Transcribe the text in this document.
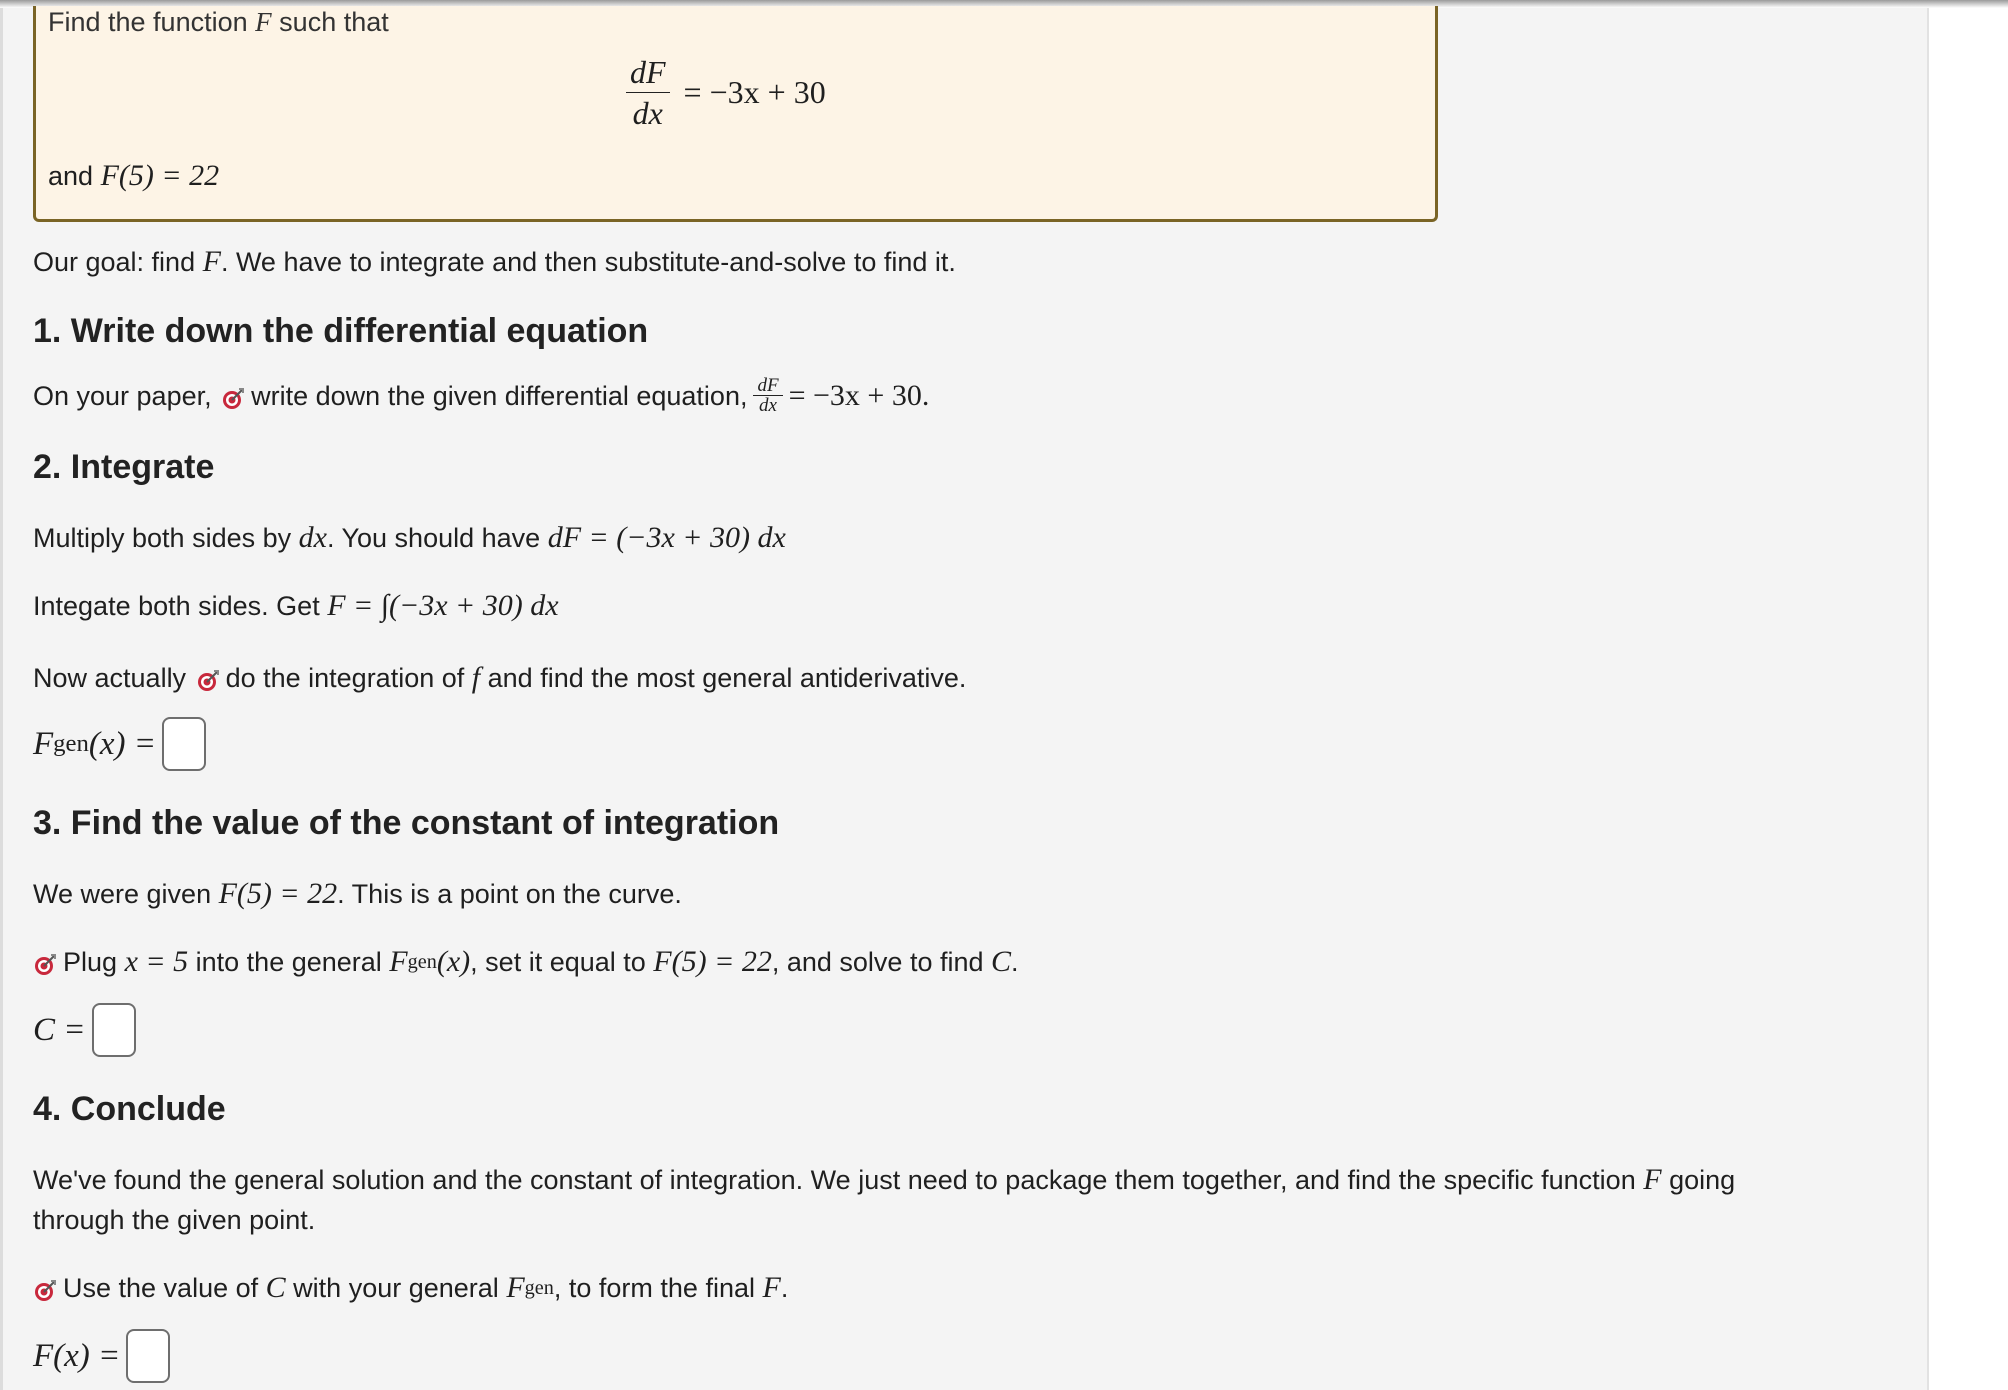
Find the function F such that
$\frac{dF}{dx} = -3x + 30$
and F(5) = 22
Our goal: find F. We have to integrate and then substitute-and-solve to find it.
1. Write down the differential equation
On your paper,
write down the given differential equation, $\frac{dF}{dx} = -3x + 30$.
2. Integrate
Multiply both sides by dx. You should have dF = (−3x + 30) dx
Integate both sides. Get F = ∫(−3x + 30) dx
Now actually
do the integration of
f
and find the most general antiderivative.
F gen (x) =
3. Find the value of the constant of integration
We were given F(5) = 22. This is a point on the curve.
Plug
x = 5
into the general
F gen (x) , set it equal to
F(5) = 22 , and solve to find
C .
C =
4. Conclude
We've found the general solution and the constant of integration. We just need to package them together, and find the specific function F going
through the given point.
Use the value of
C
with your general
F gen , to form the final
F .
F(x) =
